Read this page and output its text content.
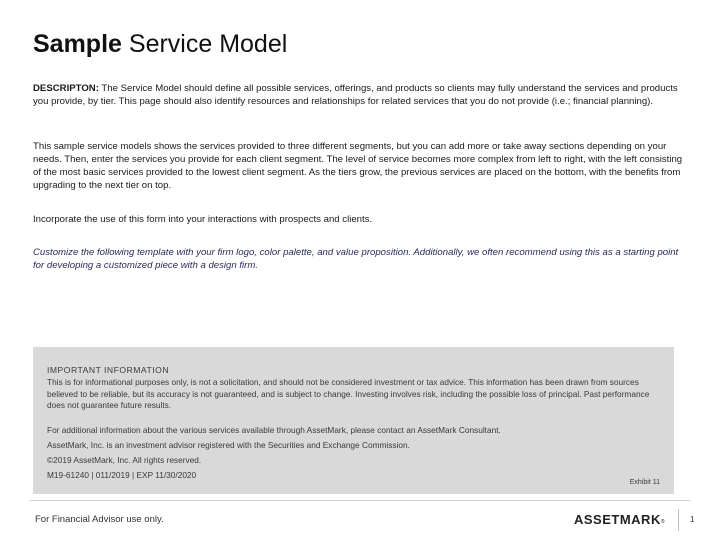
Sample Service Model

DESCRIPTON: The Service Model should define all possible services, offerings, and products so clients may fully understand the services and products you provide, by tier. This page should also identify resources and relationships for related services that you do not provide (i.e.; financial planning).

This sample service models shows the services provided to three different segments, but you can add more or take away sections depending on your needs. Then, enter the services you provide for each client segment. The level of service becomes more complex from left to right, with the left consisting of the most basic services provided to the lowest client segment. As the tiers grow, the previous services are placed on the bottom, with the benefits from upgrading to the next tier on top.

Incorporate the use of this form into your interactions with prospects and clients.

Customize the following template with your firm logo, color palette, and value proposition. Additionally, we often recommend using this as a starting point for developing a customized piece with a design firm.

IMPORTANT INFORMATION

This is for informational purposes only, is not a solicitation, and should not be considered investment or tax advice. This information has been drawn from sources believed to be reliable, but its accuracy is not guaranteed, and is subject to change. Investing involves risk, including the possible loss of principal. Past performance does not guarantee future results.

For additional information about the various services available through AssetMark, please contact an AssetMark Consultant.

AssetMark, Inc. is an investment advisor registered with the Securities and Exchange Commission.

©2019 AssetMark, Inc. All rights reserved.

M19-61240 | 011/2019 | EXP 11/30/2020

Exhibit 11

For Financial Advisor use only.	ASSETMARK®	1
